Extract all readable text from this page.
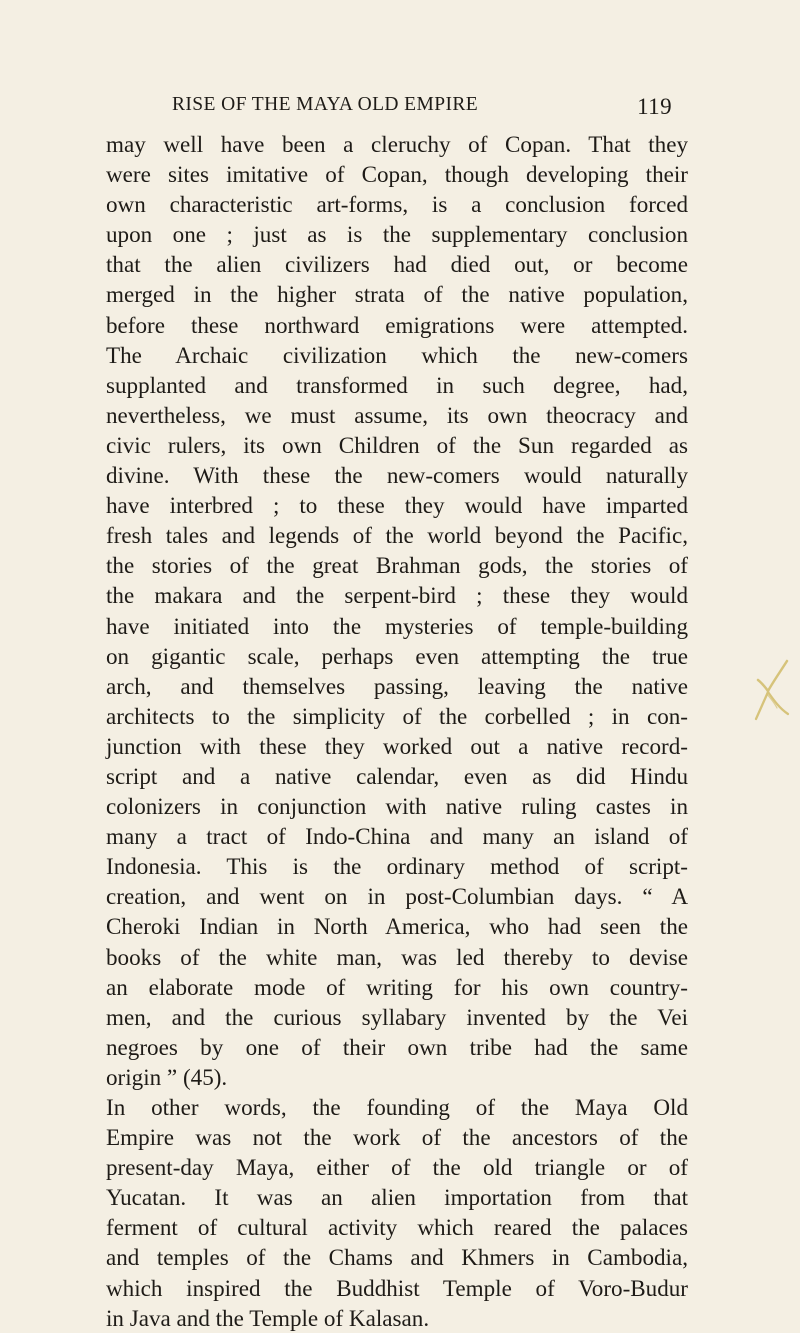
RISE OF THE MAYA OLD EMPIRE	119
may well have been a cleruchy of Copan. That they
were sites imitative of Copan, though developing their
own characteristic art-forms, is a conclusion forced
upon one ; just as is the supplementary conclusion
that the alien civilizers had died out, or become
merged in the higher strata of the native population,
before these northward emigrations were attempted.
The Archaic civilization which the new-comers
supplanted and transformed in such degree, had,
nevertheless, we must assume, its own theocracy and
civic rulers, its own Children of the Sun regarded as
divine. With these the new-comers would naturally
have interbred ; to these they would have imparted
fresh tales and legends of the world beyond the Pacific,
the stories of the great Brahman gods, the stories of
the makara and the serpent-bird ; these they would
have initiated into the mysteries of temple-building
on gigantic scale, perhaps even attempting the true
arch, and themselves passing, leaving the native
architects to the simplicity of the corbelled ; in con-
junction with these they worked out a native record-
script and a native calendar, even as did Hindu
colonizers in conjunction with native ruling castes in
many a tract of Indo-China and many an island of
Indonesia. This is the ordinary method of script-
creation, and went on in post-Columbian days. “ A
Cheroki Indian in North America, who had seen the
books of the white man, was led thereby to devise
an elaborate mode of writing for his own country-
men, and the curious syllabary invented by the Vei
negroes by one of their own tribe had the same
origin ” (45).
In other words, the founding of the Maya Old
Empire was not the work of the ancestors of the
present-day Maya, either of the old triangle or of
Yucatan. It was an alien importation from that
ferment of cultural activity which reared the palaces
and temples of the Chams and Khmers in Cambodia,
which inspired the Buddhist Temple of Voro-Budur
in Java and the Temple of Kalasan.
